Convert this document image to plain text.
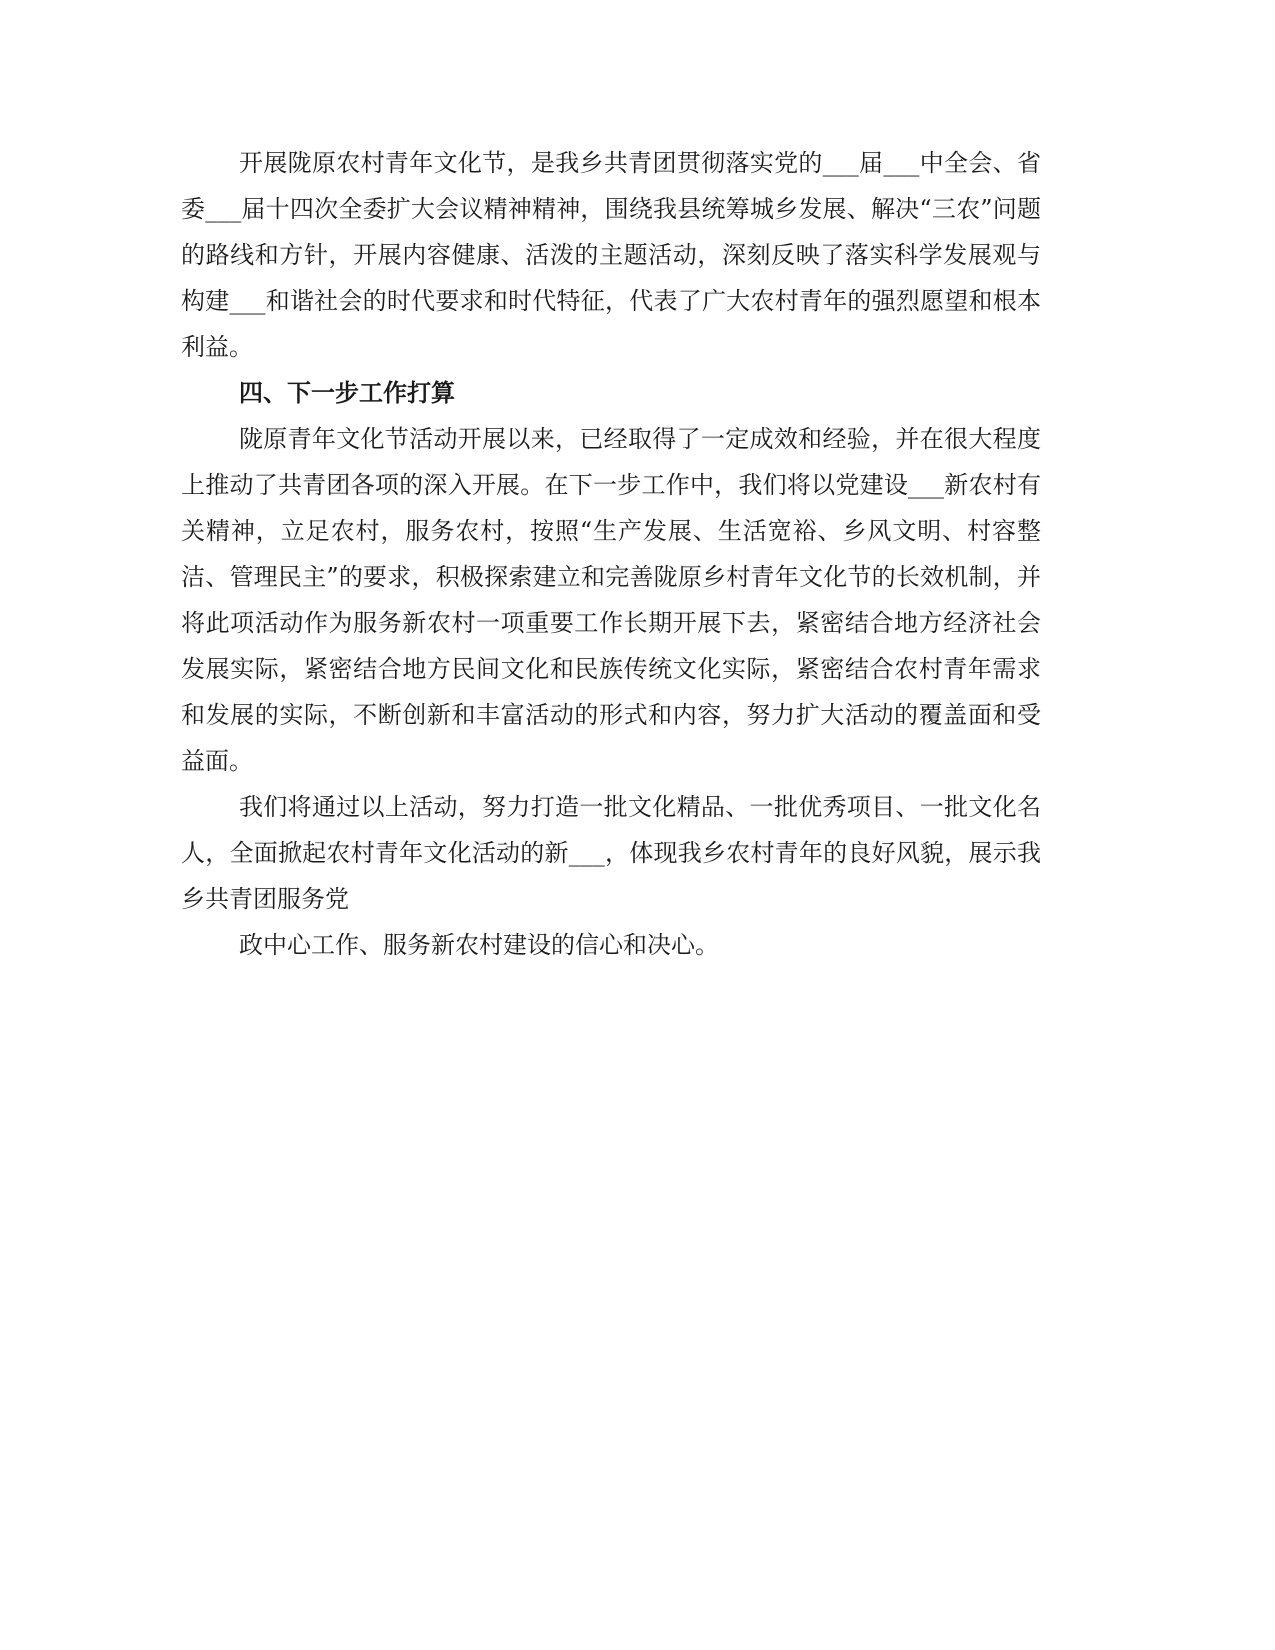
开展陇原农村青年文化节，是我乡共青团贯彻落实党的___届___中全会、省委___届十四次全委扩大会议精神精神，围绕我县统筹城乡发展、解决“三农”问题的路线和方针，开展内容健康、活泼的主题活动，深刻反映了落实科学发展观与构建___和谐社会的时代要求和时代特征，代表了广大农村青年的强烈愿望和根本利益。

四、下一步工作打算

陇原青年文化节活动开展以来，已经取得了一定成效和经验，并在很大程度上推动了共青团各项的深入开展。在下一步工作中，我们将以党建设___新农村有关精神，立足农村，服务农村，按照“生产发展、生活宽裕、乡风文明、村容整洁、管理民主”的要求，积极探索建立和完善陇原乡村青年文化节的长效机制，并将此项活动作为服务新农村一项重要工作长期开展下去，紧密结合地方经济社会发展实际，紧密结合地方民间文化和民族传统文化实际，紧密结合农村青年需求和发展的实际，不断创新和丰富活动的形式和内容，努力扩大活动的覆盖面和受益面。

我们将通过以上活动，努力打造一批文化精品、一批优秀项目、一批文化名人，全面掀起农村青年文化活动的新___，体现我乡农村青年的良好风貌，展示我乡共青团服务党

政中心工作、服务新农村建设的信心和决心。
